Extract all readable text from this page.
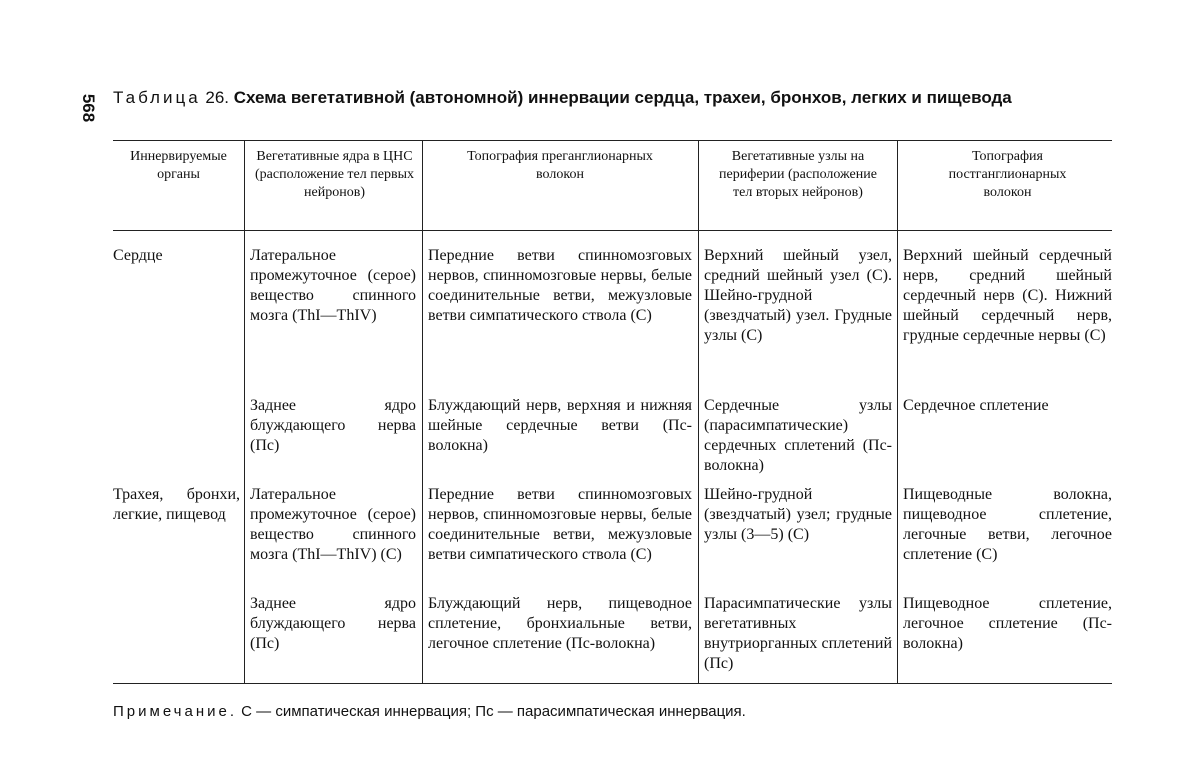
568 Таблица 26. Схема вегетативной (автономной) иннервации сердца, трахеи, бронхов, легких и пищевода
Иннервируемые органы
Вегетативные ядра в ЦНС (расположение тел первых нейронов)
Топография преганглионарных волокон
Вегетативные узлы на периферии (расположение тел вторых нейронов)
Топография постганглионарных волокон
Сердце	Латеральное промежуточное (серое) вещество спинного мозга (ThI—ThIV)
Передние ветви спинномозговых нервов, спинномозговые нервы, белые соединительные ветви, межузловые ветви симпатического ствола (С)
Верхний шейный узел, средний шейный узел (С). Шейно-грудной (звездчатый) узел. Грудные узлы (С)
Верхний шейный сердечный нерв, средний шейный сердечный нерв (С). Нижний шейный сердечный нерв, грудные сердечные нервы (С)
Заднее ядро блуждающего нерва (Пс)
Блуждающий нерв, верхняя и нижняя шейные сердечные ветви (Пс-волокна)
Сердечные узлы (парасимпатические) сердечных сплетений (Пс-волокна)
Сердечное сплетение
Трахея, бронхи, легкие, пищевод
Латеральное промежуточное (серое) вещество спинного мозга (ThI—ThIV) (С)
Передние ветви спинномозговых нервов, спинномозговые нервы, белые соединительные ветви, межузловые ветви симпатического ствола (С)
Шейно-грудной (звездчатый) узел; грудные узлы (3—5) (С)
Пищеводные волокна, пищеводное сплетение, легочные ветви, легочное сплетение (С)
Заднее ядро блуждающего нерва (Пс)
Блуждающий нерв, пищеводное сплетение, бронхиальные ветви, легочное сплетение (Пс-волокна)
Парасимпатические узлы вегетативных внутриорганных сплетений (Пс)
Пищеводное сплетение, легочное сплетение (Пс-волокна)
Примечание. С — симпатическая иннервация; Пс — парасимпатическая иннервация.
